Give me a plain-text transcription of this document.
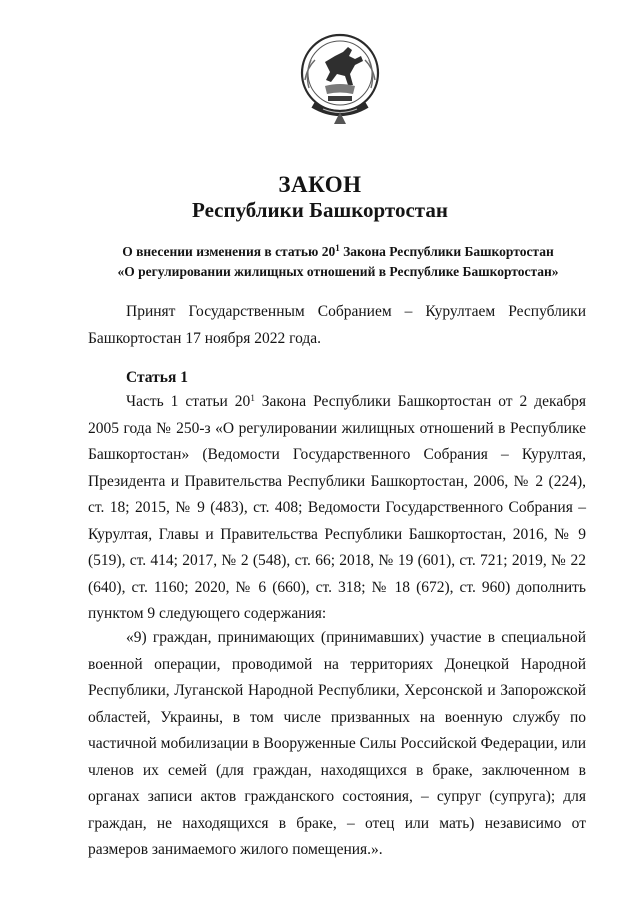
ЗАКОН
Республики Башкортостан
О внесении изменения в статью $20^1$ Закона Республики Башкортостан
«О регулировании жилищных отношений в Республике Башкортостан»
Принят Государственным Собранием – Курултаем Республики Башкортостан 17 ноября 2022 года.
Статья 1
Часть 1 статьи $20^1$ Закона Республики Башкортостан от 2 декабря 2005 года № 250-з «О регулировании жилищных отношений в Республике Башкортостан» (Ведомости Государственного Собрания – Курултая, Президента и Правительства Республики Башкортостан, 2006, № 2 (224), ст. 18; 2015, № 9 (483), ст. 408; Ведомости Государственного Собрания – Курултая, Главы и Правительства Республики Башкортостан, 2016, № 9 (519), ст. 414; 2017, № 2 (548), ст. 66; 2018, № 19 (601), ст. 721; 2019, № 22 (640), ст. 1160; 2020, № 6 (660), ст. 318; № 18 (672), ст. 960) дополнить пунктом 9 следующего содержания:
«9) граждан, принимающих (принимавших) участие в специальной военной операции, проводимой на территориях Донецкой Народной Республики, Луганской Народной Республики, Херсонской и Запорожской областей, Украины, в том числе призванных на военную службу по частичной мобилизации в Вооруженные Силы Российской Федерации, или членов их семей (для граждан, находящихся в браке, заключенном в органах записи актов гражданского состояния, – супруг (супруга); для граждан, не находящихся в браке, – отец или мать) независимо от размеров занимаемого жилого помещения.».
